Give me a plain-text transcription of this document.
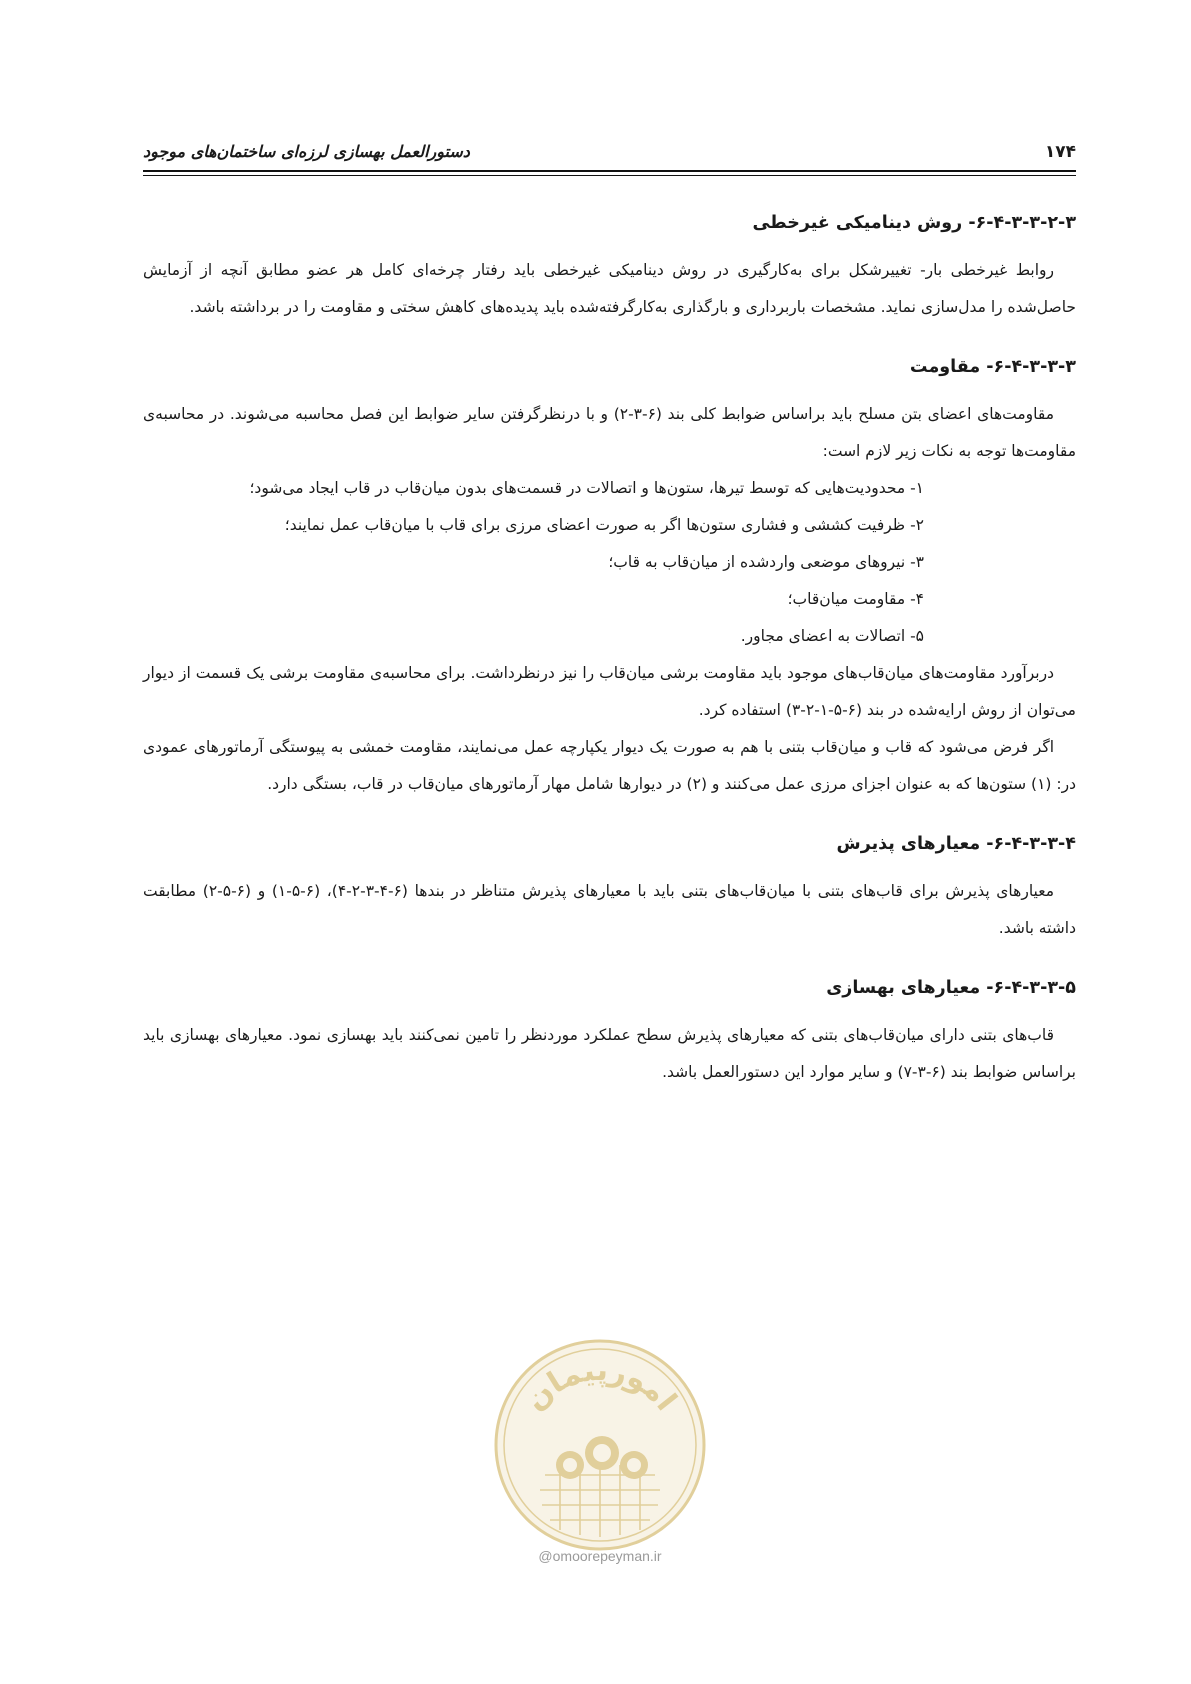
۱۷۴
دستورالعمل بهسازی لرزه‌ای ساختمان‌های موجود
۶-۴-۳-۳-۲-۳- روش دینامیکی غیرخطی

روابط غیرخطی بار- تغییرشکل برای به‌کارگیری در روش دینامیکی غیرخطی باید رفتار چرخه‌ای کامل هر عضو مطابق آنچه از آزمایش حاصل‌شده را مدل‌سازی نماید. مشخصات باربرداری و بارگذاری به‌کارگرفته‌شده باید پدیده‌های کاهش سختی و مقاومت را در برداشته باشد.

۶-۴-۳-۳-۳- مقاومت

مقاومت‌های اعضای بتن مسلح باید براساس ضوابط کلی بند (۶-۳-۲) و با درنظرگرفتن سایر ضوابط این فصل محاسبه می‌شوند. در محاسبه‌ی مقاومت‌ها توجه به نکات زیر لازم است:

۱- محدودیت‌هایی که توسط تیرها، ستون‌ها و اتصالات در قسمت‌های بدون میان‌قاب در قاب ایجاد می‌شود؛
۲- ظرفیت کششی و فشاری ستون‌ها اگر به صورت اعضای مرزی برای قاب با میان‌قاب عمل نمایند؛
۳- نیروهای موضعی واردشده از میان‌قاب به قاب؛
۴- مقاومت میان‌قاب؛
۵- اتصالات به اعضای مجاور.

دربرآورد مقاومت‌های میان‌قاب‌های موجود باید مقاومت برشی میان‌قاب را نیز درنظرداشت. برای محاسبه‌ی مقاومت برشی یک قسمت از دیوار می‌توان از روش ارایه‌شده در بند (۶-۵-۱-۲-۳) استفاده کرد.

اگر فرض می‌شود که قاب و میان‌قاب بتنی با هم به صورت یک دیوار یکپارچه عمل می‌نمایند، مقاومت خمشی به پیوستگی آرماتورهای عمودی در: (۱) ستون‌ها که به عنوان اجزای مرزی عمل می‌کنند و (۲) در دیوارها شامل مهار آرماتورهای میان‌قاب در قاب، بستگی دارد.

۶-۴-۳-۳-۴- معیارهای پذیرش

معیارهای پذیرش برای قاب‌های بتنی با میان‌قاب‌های بتنی باید با معیارهای پذیرش متناظر در بندها (۶-۴-۳-۲-۴)، (۶-۵-۱) و (۶-۵-۲) مطابقت داشته باشد.

۶-۴-۳-۳-۵- معیارهای بهسازی

قاب‌های بتنی دارای میان‌قاب‌های بتنی که معیارهای پذیرش سطح عملکرد موردنظر را تامین نمی‌کنند باید بهسازی نمود. معیارهای بهسازی باید براساس ضوابط بند (۶-۳-۷) و سایر موارد این دستورالعمل باشد.

امورپیمان
@omoorepeyman.ir
